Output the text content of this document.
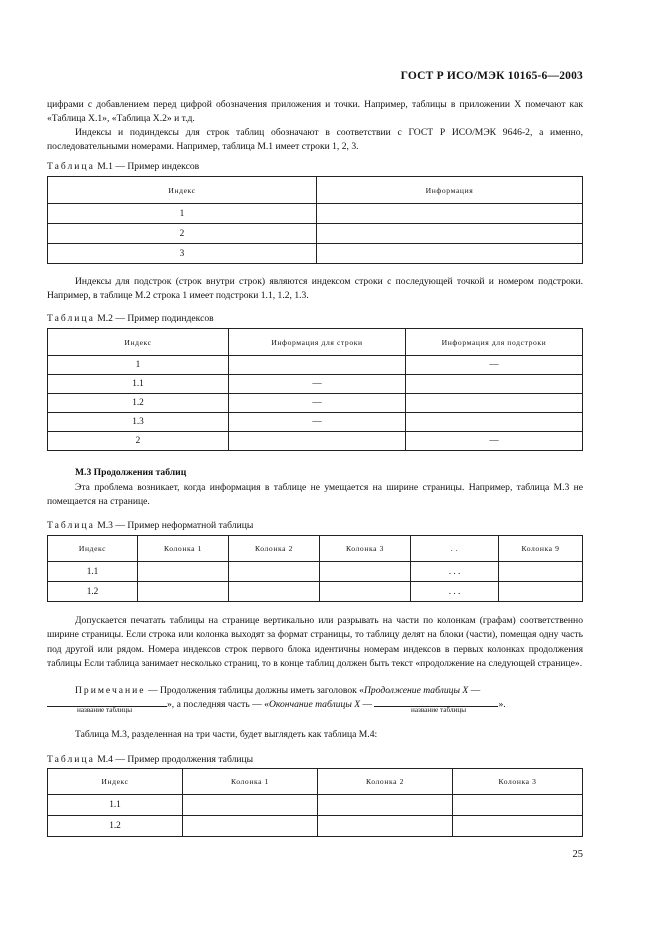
ГОСТ Р ИСО/МЭК 10165-6—2003
цифрами с добавлением перед цифрой обозначения приложения и точки. Например, таблицы в приложении X помечают как «Таблица X.1», «Таблица X.2» и т.д.
Индексы и подиндексы для строк таблиц обозначают в соответствии с ГОСТ Р ИСО/МЭК 9646-2, а именно, последовательными номерами. Например, таблица M.1 имеет строки 1, 2, 3.
Таблица M.1 — Пример индексов
Индекс	Информация
1	
2	
3	
Индексы для подстрок (строк внутри строк) являются индексом строки с последующей точкой и номером подстроки. Например, в таблице M.2 строка 1 имеет подстроки 1.1, 1.2, 1.3.
Таблица M.2 — Пример подиндексов
Индекс	Информация для строки	Информация для подстроки
1		—
1.1	—	
1.2	—	
1.3	—	
2		—
M.3 Продолжения таблиц
Эта проблема возникает, когда информация в таблице не умещается на ширине страницы. Например, таблица M.3 не помещается на странице.
Таблица M.3 — Пример неформатной таблицы
Индекс	Колонка 1	Колонка 2	Колонка 3	. .	Колонка 9
1.1				. . .	
1.2				. . .	
Допускается печатать таблицы на странице вертикально или разрывать на части по колонкам (графам) соответственно ширине страницы. Если строка или колонка выходят за формат страницы, то таблицу делят на блоки (части), помещая одну часть под другой или рядом. Номера индексов строк первого блока идентичны номерам индексов в первых колонках продолжения таблицы Если таблица занимает несколько страниц, то в конце таблиц должен быть текст «продолжение на следующей странице».
Примечание — Продолжения таблицы должны иметь заголовок «Продолжение таблицы X — », а последняя часть — «Окончание таблицы X —	».
название таблицы	название таблицы
Таблица M.3, разделенная на три части, будет выглядеть как таблица M.4:
Таблица M.4 — Пример продолжения таблицы
Индекс	Колонка 1	Колонка 2	Колонка 3
1.1			
1.2			
25
